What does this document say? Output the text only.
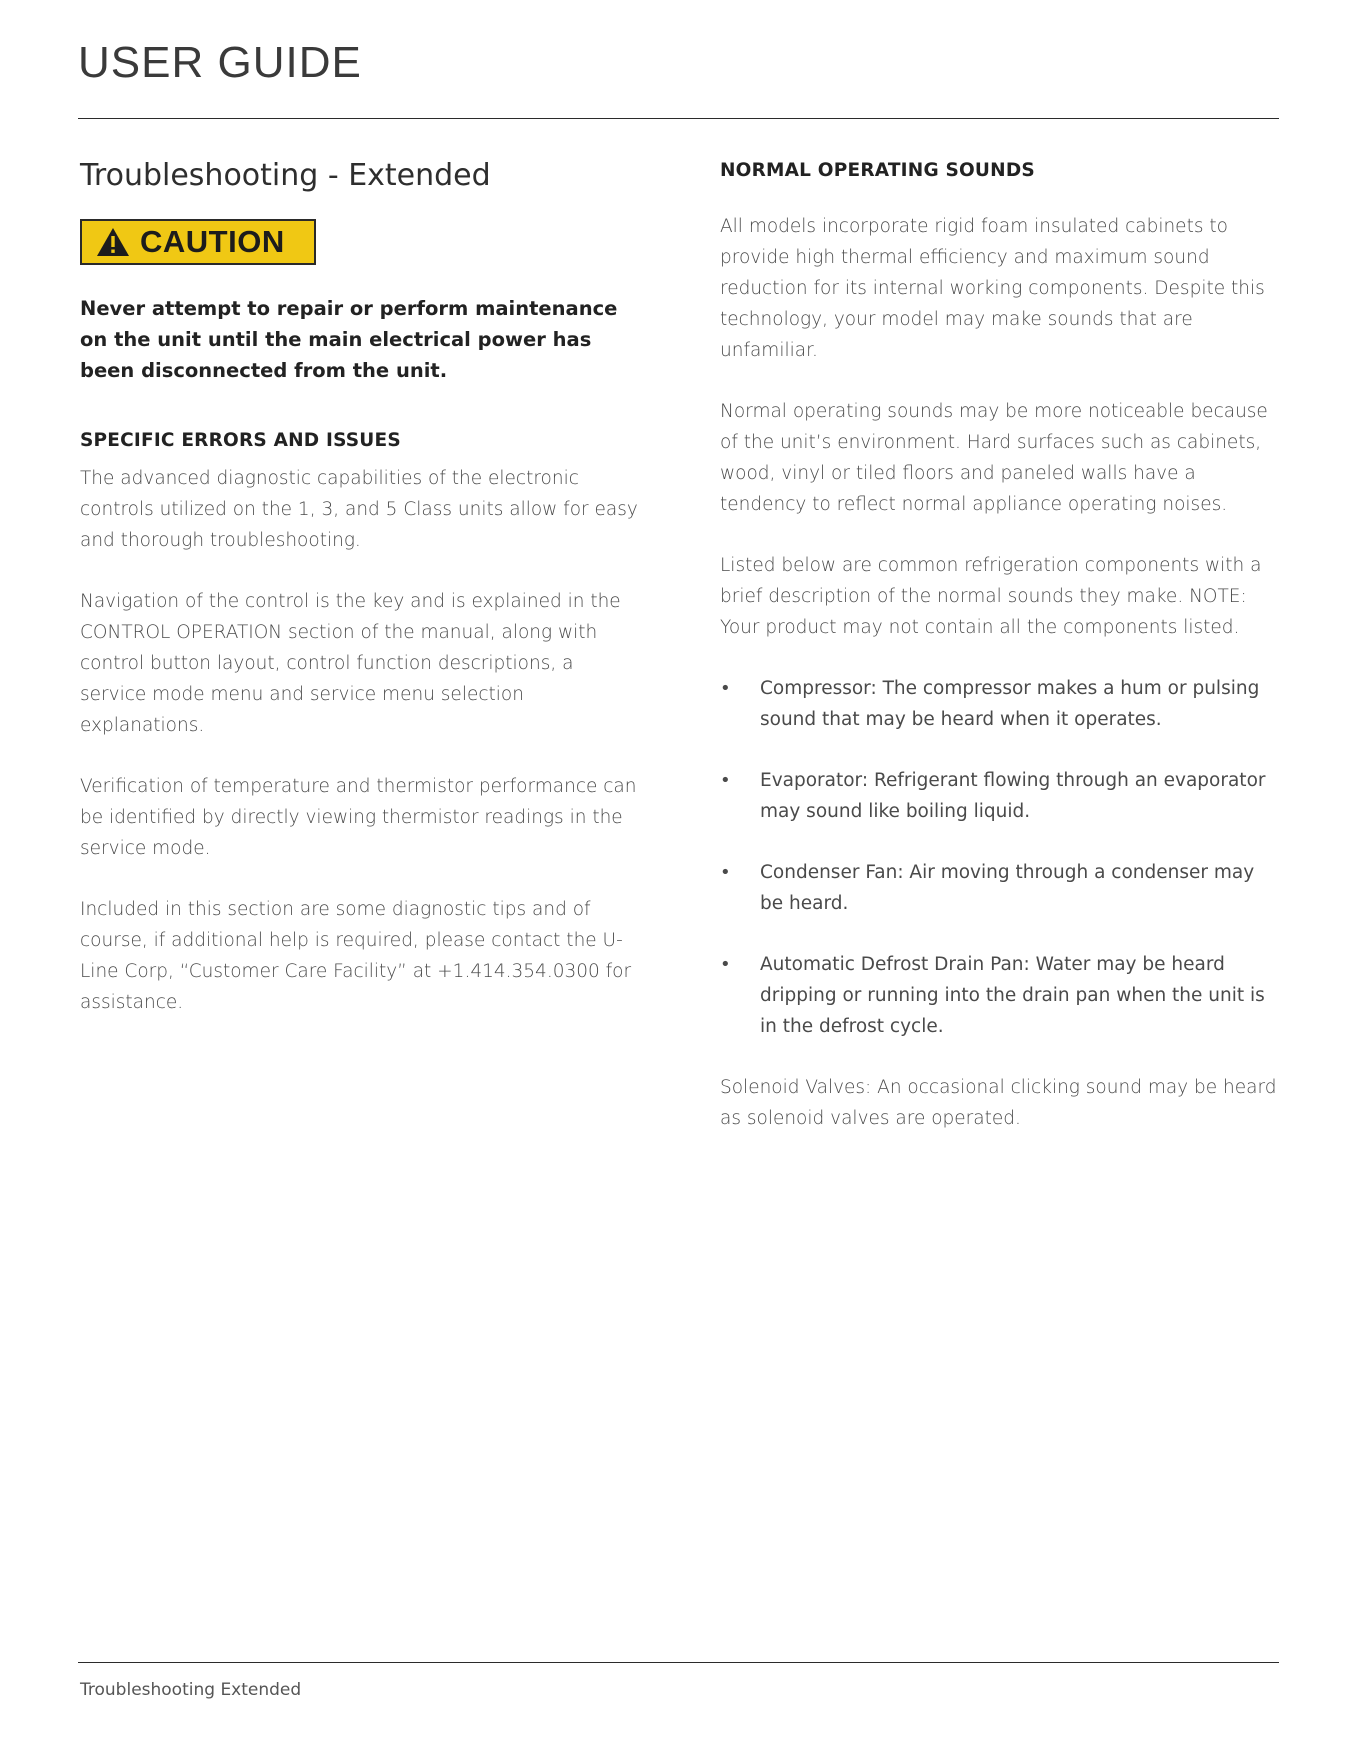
USER GUIDE
Troubleshooting - Extended
CAUTION
Never attempt to repair or perform maintenance on the unit until the main electrical power has been disconnected from the unit.
SPECIFIC ERRORS AND ISSUES

The advanced diagnostic capabilities of the electronic controls utilized on the 1, 3, and 5 Class units allow for easy and thorough troubleshooting.

Navigation of the control is the key and is explained in the CONTROL OPERATION section of the manual, along with control button layout, control function descriptions, a service mode menu and service menu selection explanations.

Verification of temperature and thermistor performance can be identified by directly viewing thermistor readings in the service mode.

Included in this section are some diagnostic tips and of course, if additional help is required, please contact the U-Line Corp, “Customer Care Facility” at +1.414.354.0300 for assistance.

NORMAL OPERATING SOUNDS

All models incorporate rigid foam insulated cabinets to provide high thermal efficiency and maximum sound reduction for its internal working components. Despite this technology, your model may make sounds that are unfamiliar.

Normal operating sounds may be more noticeable because of the unit’s environment. Hard surfaces such as cabinets, wood, vinyl or tiled floors and paneled walls have a tendency to reflect normal appliance operating noises.

Listed below are common refrigeration components with a brief description of the normal sounds they make. NOTE: Your product may not contain all the components listed.

•	Compressor: The compressor makes a hum or pulsing sound that may be heard when it operates.
•	Evaporator: Refrigerant flowing through an evaporator may sound like boiling liquid.
•	Condenser Fan: Air moving through a condenser may be heard.
•	Automatic Defrost Drain Pan: Water may be heard dripping or running into the drain pan when the unit is in the defrost cycle.

Solenoid Valves: An occasional clicking sound may be heard as solenoid valves are operated.

Troubleshooting Extended
